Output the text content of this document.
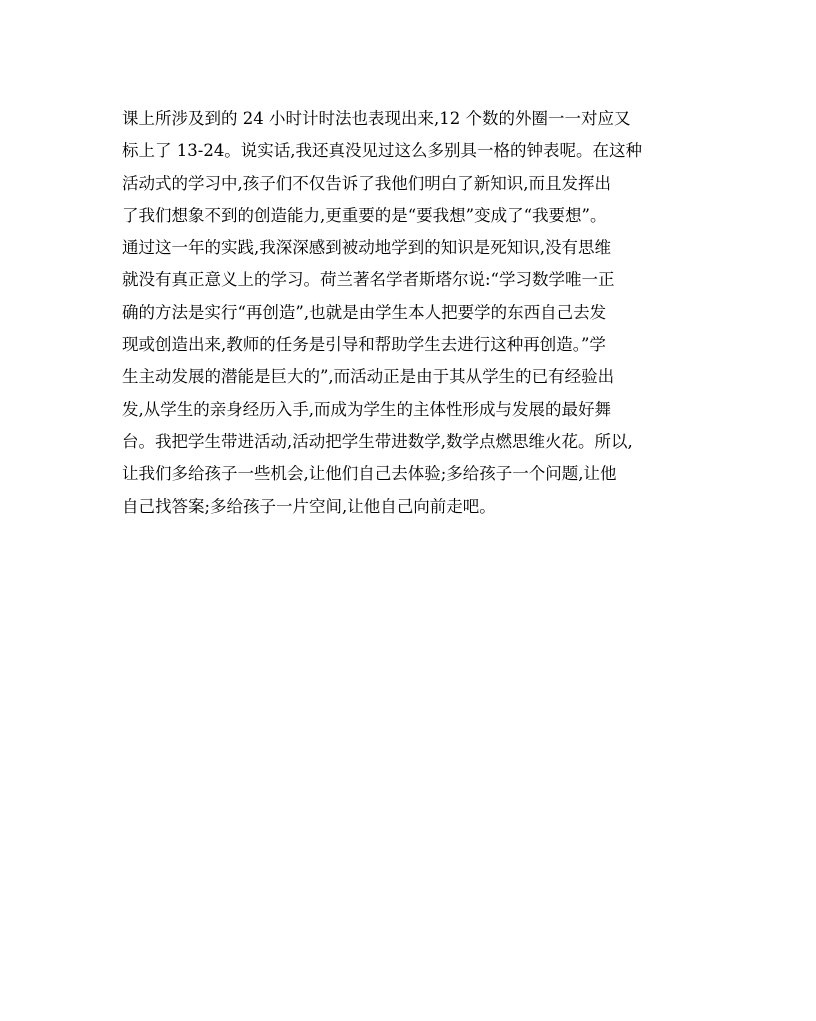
课上所涉及到的 24 小时计时法也表现出来,12 个数的外圈一一对应又
标上了 13-24。说实话,我还真没见过这么多别具一格的钟表呢。在这种
活动式的学习中,孩子们不仅告诉了我他们明白了新知识,而且发挥出
了我们想象不到的创造能力,更重要的是“要我想”变成了“我要想”。
通过这一年的实践,我深深感到被动地学到的知识是死知识,没有思维
就没有真正意义上的学习。荷兰著名学者斯塔尔说:“学习数学唯一正
确的方法是实行“再创造”,也就是由学生本人把要学的东西自己去发
现或创造出来,教师的任务是引导和帮助学生去进行这种再创造。”学
生主动发展的潜能是巨大的”,而活动正是由于其从学生的已有经验出
发,从学生的亲身经历入手,而成为学生的主体性形成与发展的最好舞
台。我把学生带进活动,活动把学生带进数学,数学点燃思维火花。所以,
让我们多给孩子一些机会,让他们自己去体验;多给孩子一个问题,让他
自己找答案;多给孩子一片空间,让他自己向前走吧。
